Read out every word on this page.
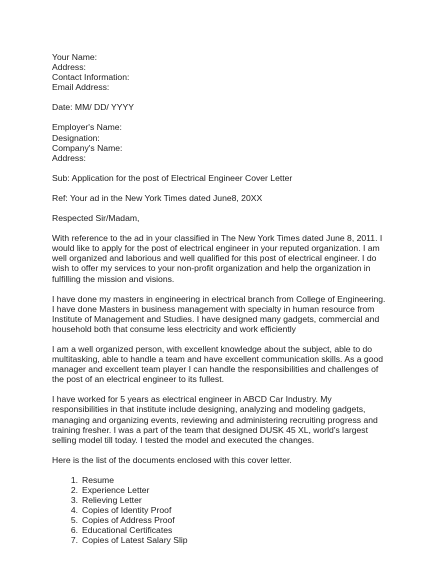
Your Name:
Address:
Contact Information:
Email Address:
Date: MM/ DD/ YYYY
Employer's Name:
Designation:
Company's Name:
Address:
Sub: Application for the post of Electrical Engineer Cover Letter
Ref: Your ad in the New York Times dated June8, 20XX
Respected Sir/Madam,
With reference to the ad in your classified in The New York Times dated June 8, 2011. I
would like to apply for the post of electrical engineer in your reputed organization. I am
well organized and laborious and well qualified for this post of electrical engineer. I do
wish to offer my services to your non-profit organization and help the organization in
fulfilling the mission and visions.
I have done my masters in engineering in electrical branch from College of Engineering.
I have done Masters in business management with specialty in human resource from
Institute of Management and Studies. I have designed many gadgets, commercial and
household both that consume less electricity and work efficiently
I am a well organized person, with excellent knowledge about the subject, able to do
multitasking, able to handle a team and have excellent communication skills. As a good
manager and excellent team player I can handle the responsibilities and challenges of
the post of an electrical engineer to its fullest.
I have worked for 5 years as electrical engineer in ABCD Car Industry. My
responsibilities in that institute include designing, analyzing and modeling gadgets,
managing and organizing events, reviewing and administering recruiting progress and
training fresher. I was a part of the team that designed DUSK 45 XL, world's largest
selling model till today. I tested the model and executed the changes.
Here is the list of the documents enclosed with this cover letter.
1. Resume
2. Experience Letter
3. Relieving Letter
4. Copies of Identity Proof
5. Copies of Address Proof
6. Educational Certificates
7. Copies of Latest Salary Slip
